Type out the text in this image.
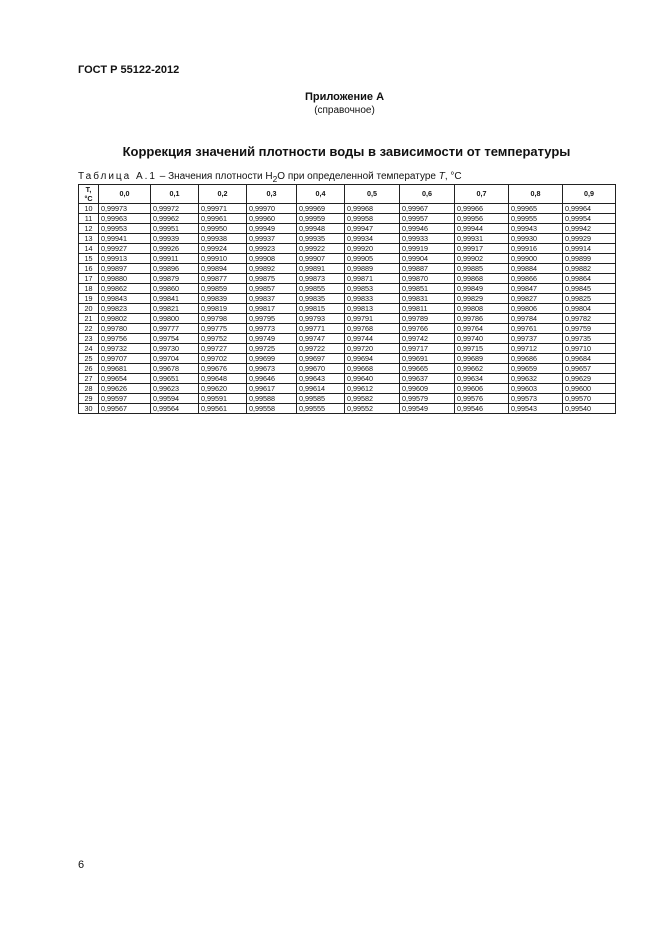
ГОСТ Р 55122-2012
Приложение А
(справочное)
Коррекция значений плотности воды в зависимости от температуры
Таблица А.1 – Значения плотности $H_2O$ при определенной температуре T, °С
Т,
°С	0,0	0,1	0,2	0,3	0,4	0,5	0,6	0,7	0,8	0,9
10	0,99973	0,99972	0,99971	0,99970	0,99969	0,99968	0,99967	0,99966	0,99965	0,99964
11	0,99963	0,99962	0,99961	0,99960	0,99959	0,99958	0,99957	0,99956	0,99955	0,99954
12	0,99953	0,99951	0,99950	0,99949	0,99948	0,99947	0,99946	0,99944	0,99943	0,99942
13	0,99941	0,99939	0,99938	0,99937	0,99935	0,99934	0,99933	0,99931	0,99930	0,99929
14	0,99927	0,99926	0,99924	0,99923	0,99922	0,99920	0,99919	0,99917	0,99916	0,99914
15	0,99913	0,99911	0,99910	0,99908	0,99907	0,99905	0,99904	0,99902	0,99900	0,99899
16	0,99897	0,99896	0,99894	0,99892	0,99891	0,99889	0,99887	0,99885	0,99884	0,99882
17	0,99880	0,99879	0,99877	0,99875	0,99873	0,99871	0,99870	0,99868	0,99866	0,99864
18	0,99862	0,99860	0,99859	0,99857	0,99855	0,99853	0,99851	0,99849	0,99847	0,99845
19	0,99843	0,99841	0,99839	0,99837	0,99835	0,99833	0,99831	0,99829	0,99827	0,99825
20	0,99823	0,99821	0,99819	0,99817	0,99815	0,99813	0,99811	0,99808	0,99806	0,99804
21	0,99802	0,99800	0,99798	0,99795	0,99793	0,99791	0,99789	0,99786	0,99784	0,99782
22	0,99780	0,99777	0,99775	0,99773	0,99771	0,99768	0,99766	0,99764	0,99761	0,99759
23	0,99756	0,99754	0,99752	0,99749	0,99747	0,99744	0,99742	0,99740	0,99737	0,99735
24	0,99732	0,99730	0,99727	0,99725	0,99722	0,99720	0,99717	0,99715	0,99712	0,99710
25	0,99707	0,99704	0,99702	0,99699	0,99697	0,99694	0,99691	0,99689	0,99686	0,99684
26	0,99681	0,99678	0,99676	0,99673	0,99670	0,99668	0,99665	0,99662	0,99659	0,99657
27	0,99654	0,99651	0,99648	0,99646	0,99643	0,99640	0,99637	0,99634	0,99632	0,99629
28	0,99626	0,99623	0,99620	0,99617	0,99614	0,99612	0,99609	0,99606	0,99603	0,99600
29	0,99597	0,99594	0,99591	0,99588	0,99585	0,99582	0,99579	0,99576	0,99573	0,99570
30	0,99567	0,99564	0,99561	0,99558	0,99555	0,99552	0,99549	0,99546	0,99543	0,99540
6
